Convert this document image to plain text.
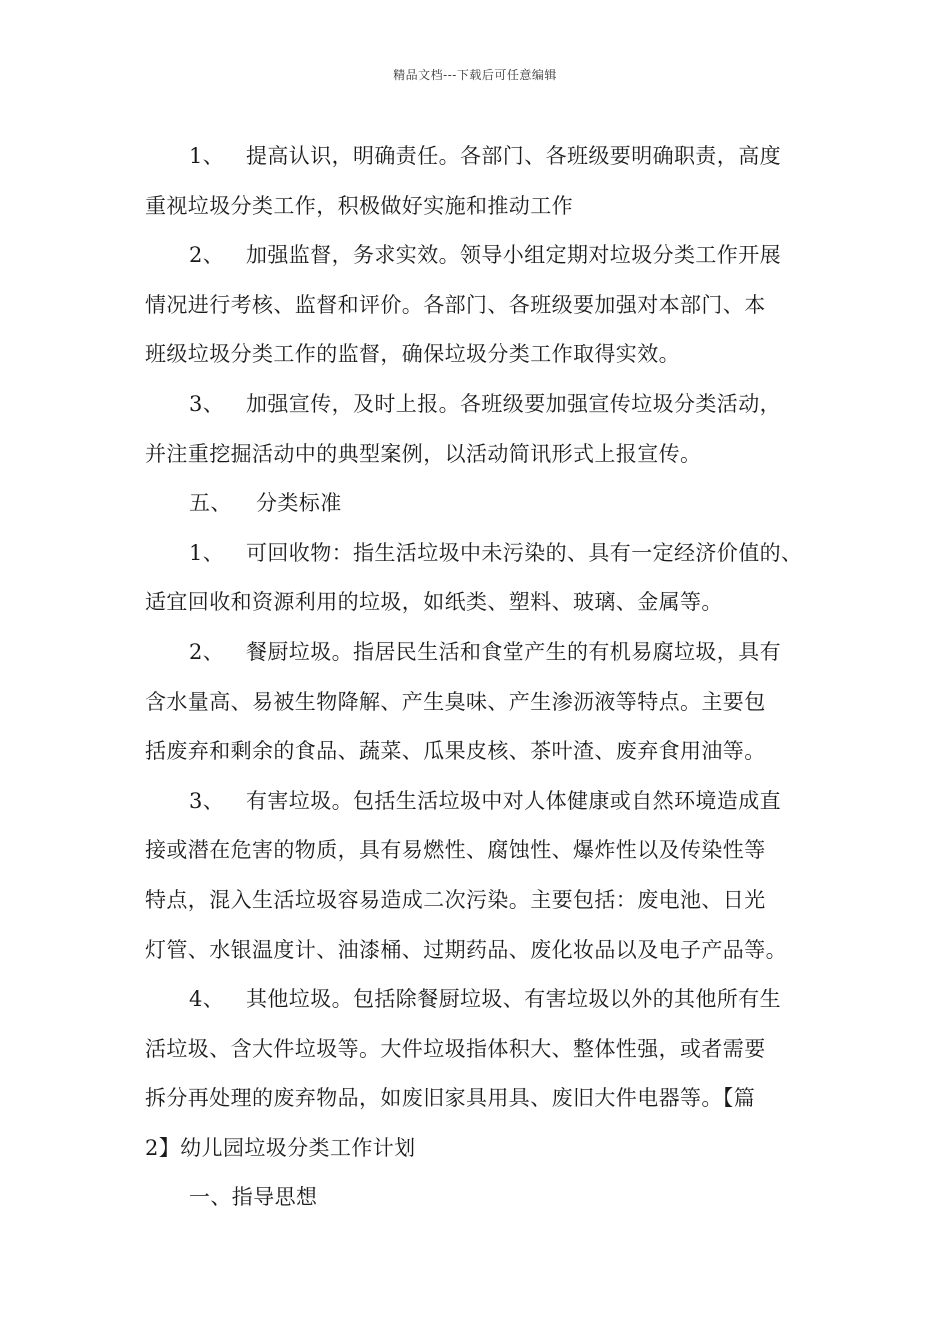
精品文档---下载后可任意编辑
1、 提高认识，明确责任。各部门、各班级要明确职责，高度
重视垃圾分类工作，积极做好实施和推动工作
2、 加强监督，务求实效。领导小组定期对垃圾分类工作开展
情况进行考核、监督和评价。各部门、各班级要加强对本部门、本
班级垃圾分类工作的监督，确保垃圾分类工作取得实效。
3、 加强宣传，及时上报。各班级要加强宣传垃圾分类活动，
并注重挖掘活动中的典型案例，以活动简讯形式上报宣传。
五、 分类标准
1、 可回收物：指生活垃圾中未污染的、具有一定经济价值的、
适宜回收和资源利用的垃圾，如纸类、塑料、玻璃、金属等。
2、 餐厨垃圾。指居民生活和食堂产生的有机易腐垃圾，具有
含水量高、易被生物降解、产生臭味、产生渗沥液等特点。主要包
括废弃和剩余的食品、蔬菜、瓜果皮核、茶叶渣、废弃食用油等。
3、 有害垃圾。包括生活垃圾中对人体健康或自然环境造成直
接或潜在危害的物质，具有易燃性、腐蚀性、爆炸性以及传染性等
特点，混入生活垃圾容易造成二次污染。主要包括：废电池、日光
灯管、水银温度计、油漆桶、过期药品、废化妆品以及电子产品等。
4、 其他垃圾。包括除餐厨垃圾、有害垃圾以外的其他所有生
活垃圾、含大件垃圾等。大件垃圾指体积大、整体性强，或者需要
拆分再处理的废弃物品，如废旧家具用具、废旧大件电器等。【篇
2】幼儿园垃圾分类工作计划
一、指导思想
